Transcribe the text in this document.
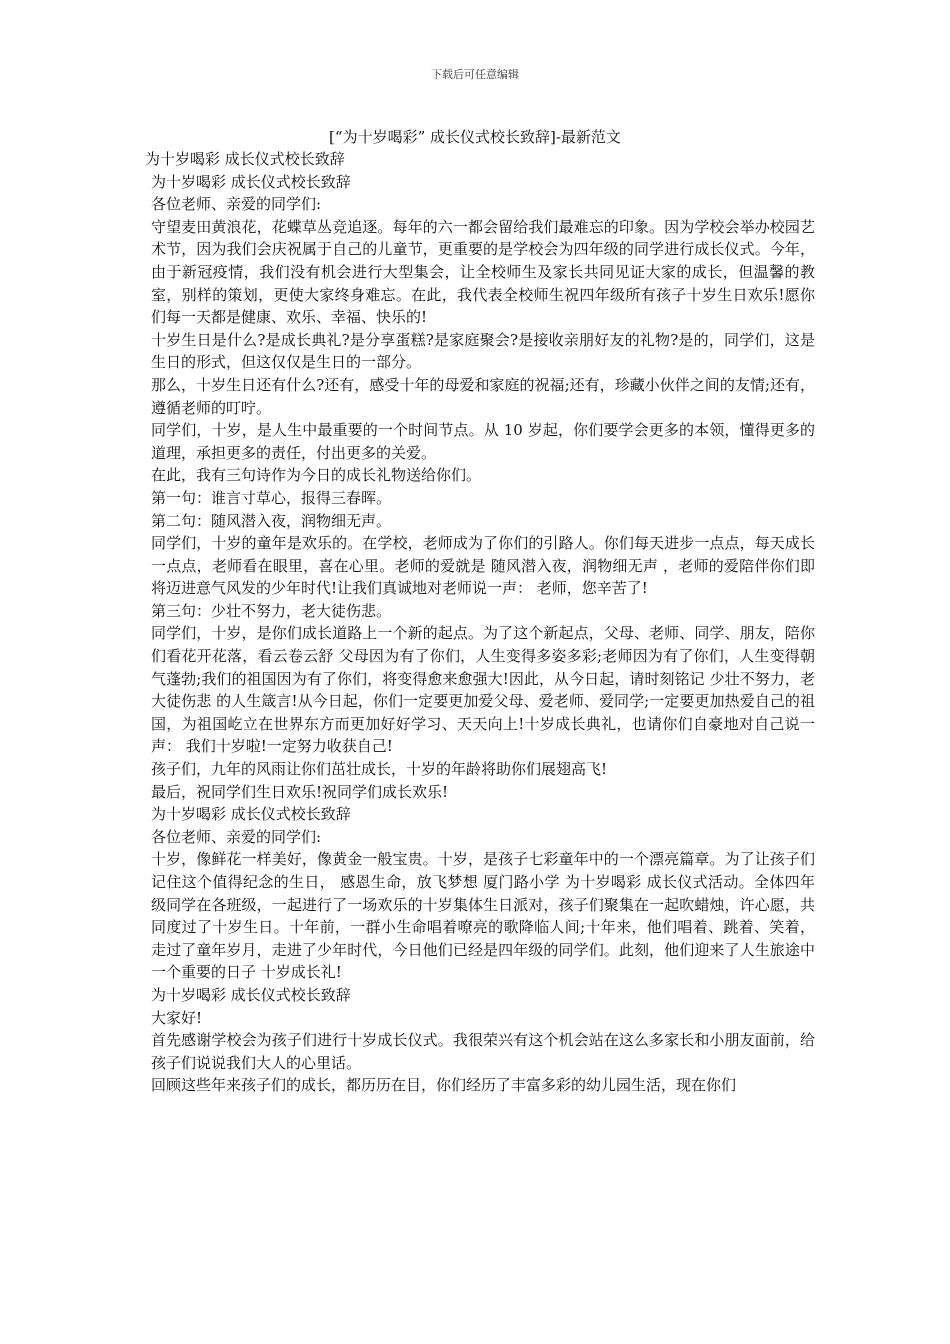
下载后可任意编辑
[“为十岁喝彩” 成长仪式校长致辞]-最新范文

为十岁喝彩 成长仪式校长致辞

为十岁喝彩 成长仪式校长致辞

各位老师、亲爱的同学们:

守望麦田黄浪花，花蝶草丛竞追逐。每年的六一都会留给我们最难忘的印象。因为学校会举办校园艺术节，因为我们会庆祝属于自己的儿童节，更重要的是学校会为四年级的同学进行成长仪式。今年，由于新冠疫情，我们没有机会进行大型集会，让全校师生及家长共同见证大家的成长，但温馨的教室，别样的策划，更使大家终身难忘。在此，我代表全校师生祝四年级所有孩子十岁生日欢乐!愿你们每一天都是健康、欢乐、幸福、快乐的!

十岁生日是什么?是成长典礼?是分享蛋糕?是家庭聚会?是接收亲朋好友的礼物?是的，同学们，这是生日的形式，但这仅仅是生日的一部分。

那么，十岁生日还有什么?还有，感受十年的母爱和家庭的祝福;还有，珍藏小伙伴之间的友情;还有，遵循老师的叮咛。

同学们，十岁，是人生中最重要的一个时间节点。从 10 岁起，你们要学会更多的本领，懂得更多的道理，承担更多的责任，付出更多的关爱。

在此，我有三句诗作为今日的成长礼物送给你们。

第一句：谁言寸草心，报得三春晖。

第二句：随风潜入夜，润物细无声。

同学们，十岁的童年是欢乐的。在学校，老师成为了你们的引路人。你们每天进步一点点，每天成长一点点，老师看在眼里，喜在心里。老师的爱就是 随风潜入夜，润物细无声 ，老师的爱陪伴你们即将迈进意气风发的少年时代!让我们真诚地对老师说一声： 老师，您辛苦了!

第三句：少壮不努力，老大徒伤悲。

同学们，十岁，是你们成长道路上一个新的起点。为了这个新起点，父母、老师、同学、朋友，陪你们看花开花落，看云卷云舒 父母因为有了你们，人生变得多姿多彩;老师因为有了你们，人生变得朝气蓬勃;我们的祖国因为有了你们，将变得愈来愈强大!因此，从今日起，请时刻铭记 少壮不努力，老大徒伤悲 的人生箴言!从今日起，你们一定要更加爱父母、爱老师、爱同学;一定要更加热爱自己的祖国，为祖国屹立在世界东方而更加好好学习、天天向上!十岁成长典礼，也请你们自豪地对自己说一声： 我们十岁啦!一定努力收获自己!

孩子们，九年的风雨让你们茁壮成长，十岁的年龄将助你们展翅高飞!

最后，祝同学们生日欢乐!祝同学们成长欢乐!

为十岁喝彩 成长仪式校长致辞

各位老师、亲爱的同学们:

十岁，像鲜花一样美好，像黄金一般宝贵。十岁，是孩子七彩童年中的一个漂亮篇章。为了让孩子们记住这个值得纪念的生日， 感恩生命，放飞梦想 厦门路小学 为十岁喝彩 成长仪式活动。全体四年级同学在各班级，一起进行了一场欢乐的十岁集体生日派对，孩子们聚集在一起吹蜡烛，许心愿，共同度过了十岁生日。十年前，一群小生命唱着嘹亮的歌降临人间;十年来，他们唱着、跳着、笑着，走过了童年岁月，走进了少年时代，今日他们已经是四年级的同学们。此刻，他们迎来了人生旅途中一个重要的日子 十岁成长礼!

为十岁喝彩 成长仪式校长致辞

大家好!

首先感谢学校会为孩子们进行十岁成长仪式。我很荣兴有这个机会站在这么多家长和小朋友面前，给孩子们说说我们大人的心里话。

回顾这些年来孩子们的成长，都历历在目，你们经历了丰富多彩的幼儿园生活，现在你们
